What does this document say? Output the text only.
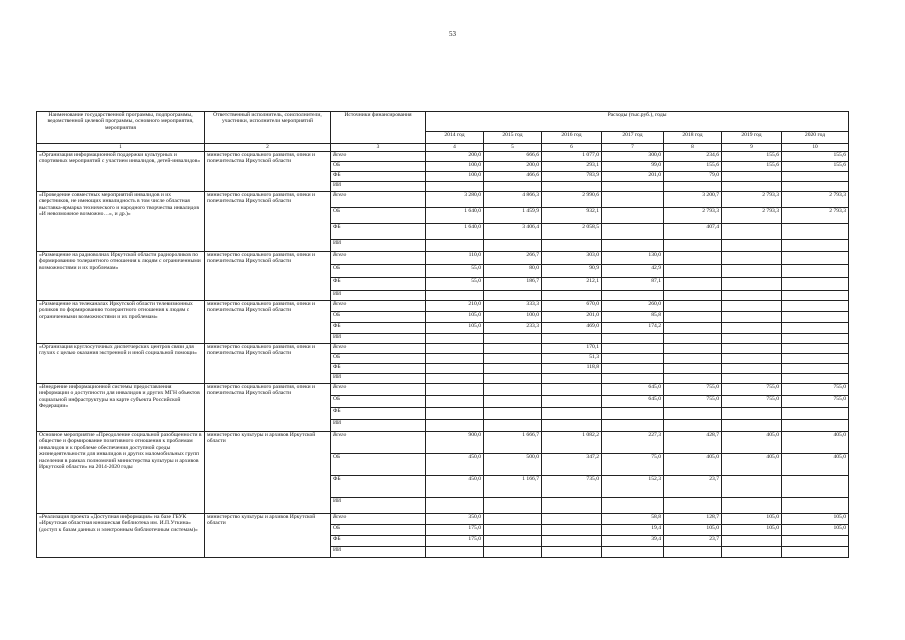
53
Наименование государственной программы, подпрограммы, ведомственной целевой программы, основного мероприятия, мероприятия	Ответственный исполнитель, соисполнители, участники, исполнители мероприятий	Источники финансирования	Расходы (тыс.руб.), годы						
			2014 год	2015 год	2016 год	2017 год	2018 год	2019 год	2020 год
1	2	3	4	5	6	7	8	9	10
«Организация информационной поддержки культурных и спортивных мероприятий с участием инвалидов, детей-инвалидов»	министерство социального развития, опеки и попечительства Иркутской области	Всего	200,0	666,6	1 077,0	300,0	234,6	155,6	155,6
		ОБ	100,0	200,0	293,1	99,0	155,6	155,6	155,6
		ФБ	100,0	466,6	783,9	201,0	79,0		
		ИИ							
«Проведение совместных мероприятий инвалидов и их сверстников, не имеющих инвалидность в том числе областная выставка-ярмарка технического и народного творчества инвалидов «И невозможное возможно…», и др.)»	министерство социального развития, опеки и попечительства Иркутской области	Всего	3 280,0	4 866,3	2 990,6		3 200,7	2 793,3	2 793,3
		ОБ	1 640,0	1 459,9	932,1		2 793,3	2 793,3	2 793,3
		ФБ	1 640,0	3 406,4	2 058,5		407,4		
		ИИ							
«Размещение на радиоволнах Иркутской области радиороликов по формированию толерантного отношения к людям с ограниченными возможностями и их проблемам»	министерство социального развития, опеки и попечительства Иркутской области	Всего	110,0	266,7	303,0	130,0			
		ОБ	55,0	80,0	90,9	42,9			
		ФБ	55,0	186,7	212,1	87,1			
		ИИ							
«Размещение на телеканалах Иркутской области телевизионных роликов по формированию толерантного отношения к людям с ограниченными возможностями и их проблемам»	министерство социального развития, опеки и попечительства Иркутской области	Всего	210,0	333,3	670,0	260,0			
		ОБ	105,0	100,0	201,0	85,8			
		ФБ	105,0	233,3	469,0	174,2			
		ИИ							
«Организация круглосуточных диспетчерских центров связи для глухих с целью оказания экстренной и иной социальной помощи»	министерство социального развития, опеки и попечительства Иркутской области	Всего			170,1				
		ОБ			51,3				
		ФБ			118,8				
		ИИ							
«Внедрение информационной системы предоставления информации о доступности для инвалидов и других МГН объектов социальной инфраструктуры на карте субъекта Российской Федерации»	министерство социального развития, опеки и попечительства Иркутской области	Всего				645,0	755,0	755,0	755,0
		ОБ				645,0	755,0	755,0	755,0
		ФБ							
		ИИ							
Основное мероприятие «Преодоление социальной разобщенности в обществе и формирование позитивного отношения к проблемам инвалидов и к проблеме обеспечения доступной среды жизнедеятельности для инвалидов и других маломобильных групп населения в рамках полномочий министерства культуры и архивов Иркутской области» на 2014-2020 годы	министерство культуры и архивов Иркутской области	Всего	900,0	1 666,7	1 082,2	227,3	428,7	405,0	405,0
		ОБ	450,0	500,0	347,2	75,0	405,0	405,0	405,0
		ФБ	450,0	1 166,7	735,0	152,3	23,7		
		ИИ							
«Реализация проекта «Доступная информация» на базе ГБУК «Иркутская областная юношеская библиотека им. И.П.Уткина» (доступ к базам данных и электронным библиотечным системам)»	министерство культуры и архивов Иркутской области	Всего	350,0			58,8	128,7	105,0	105,0
		ОБ	175,0			19,4	105,0	105,0	105,0
		ФБ	175,0			39,4	23,7		
		ИИ							
